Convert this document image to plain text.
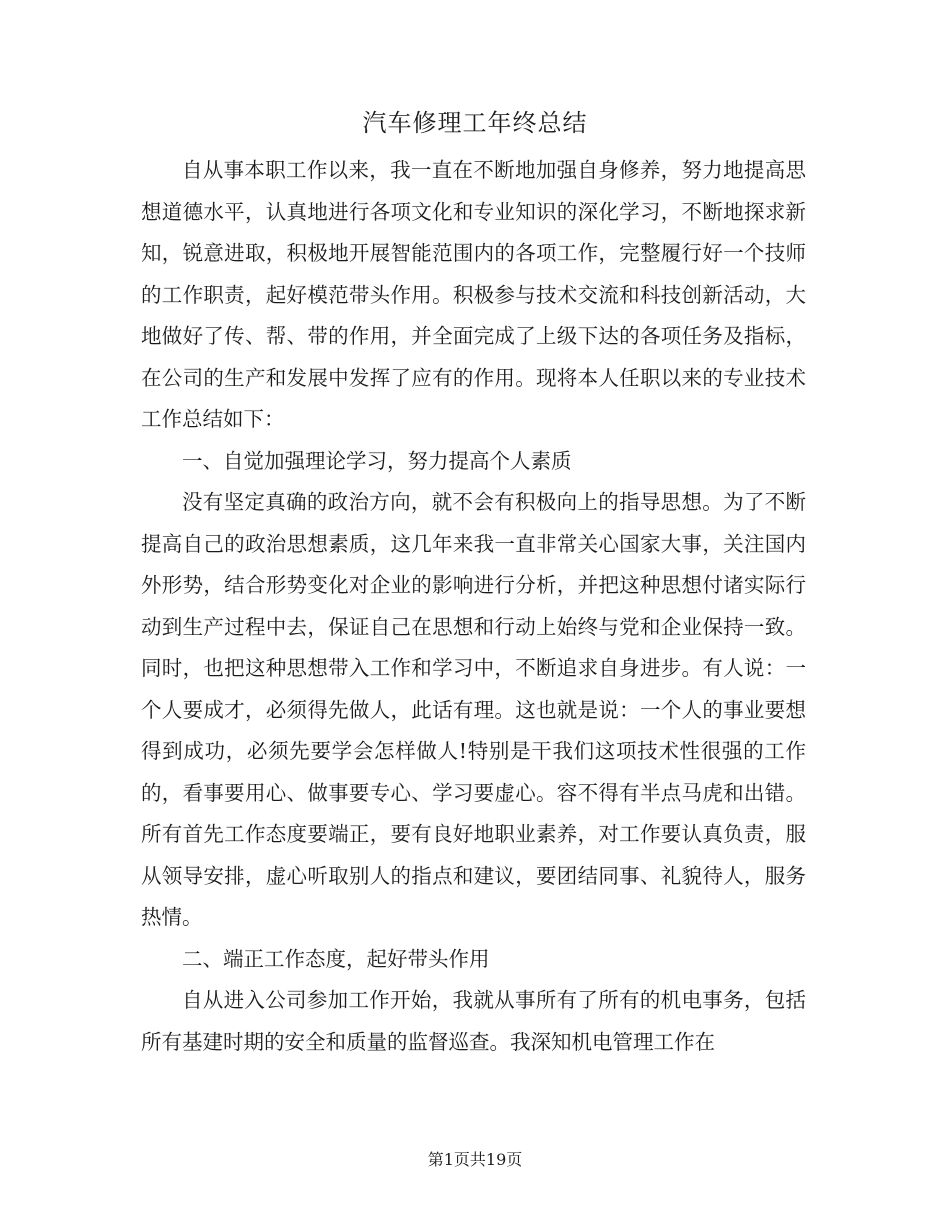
汽车修理工年终总结

自从事本职工作以来，我一直在不断地加强自身修养，努力地提高思想道德水平，认真地进行各项文化和专业知识的深化学习，不断地探求新知，锐意进取，积极地开展智能范围内的各项工作，完整履行好一个技师的工作职责，起好模范带头作用。积极参与技术交流和科技创新活动，大地做好了传、帮、带的作用，并全面完成了上级下达的各项任务及指标，在公司的生产和发展中发挥了应有的作用。现将本人任职以来的专业技术工作总结如下：

一、自觉加强理论学习，努力提高个人素质

没有坚定真确的政治方向，就不会有积极向上的指导思想。为了不断提高自己的政治思想素质，这几年来我一直非常关心国家大事，关注国内外形势，结合形势变化对企业的影响进行分析，并把这种思想付诸实际行动到生产过程中去，保证自己在思想和行动上始终与党和企业保持一致。同时，也把这种思想带入工作和学习中，不断追求自身进步。有人说：一个人要成才，必须得先做人，此话有理。这也就是说：一个人的事业要想得到成功，必须先要学会怎样做人!特别是干我们这项技术性很强的工作的，看事要用心、做事要专心、学习要虚心。容不得有半点马虎和出错。所有首先工作态度要端正，要有良好地职业素养，对工作要认真负责，服从领导安排，虚心听取别人的指点和建议，要团结同事、礼貌待人，服务热情。

二、端正工作态度，起好带头作用

自从进入公司参加工作开始，我就从事所有了所有的机电事务，包括所有基建时期的安全和质量的监督巡查。我深知机电管理工作在

第1页共19页
